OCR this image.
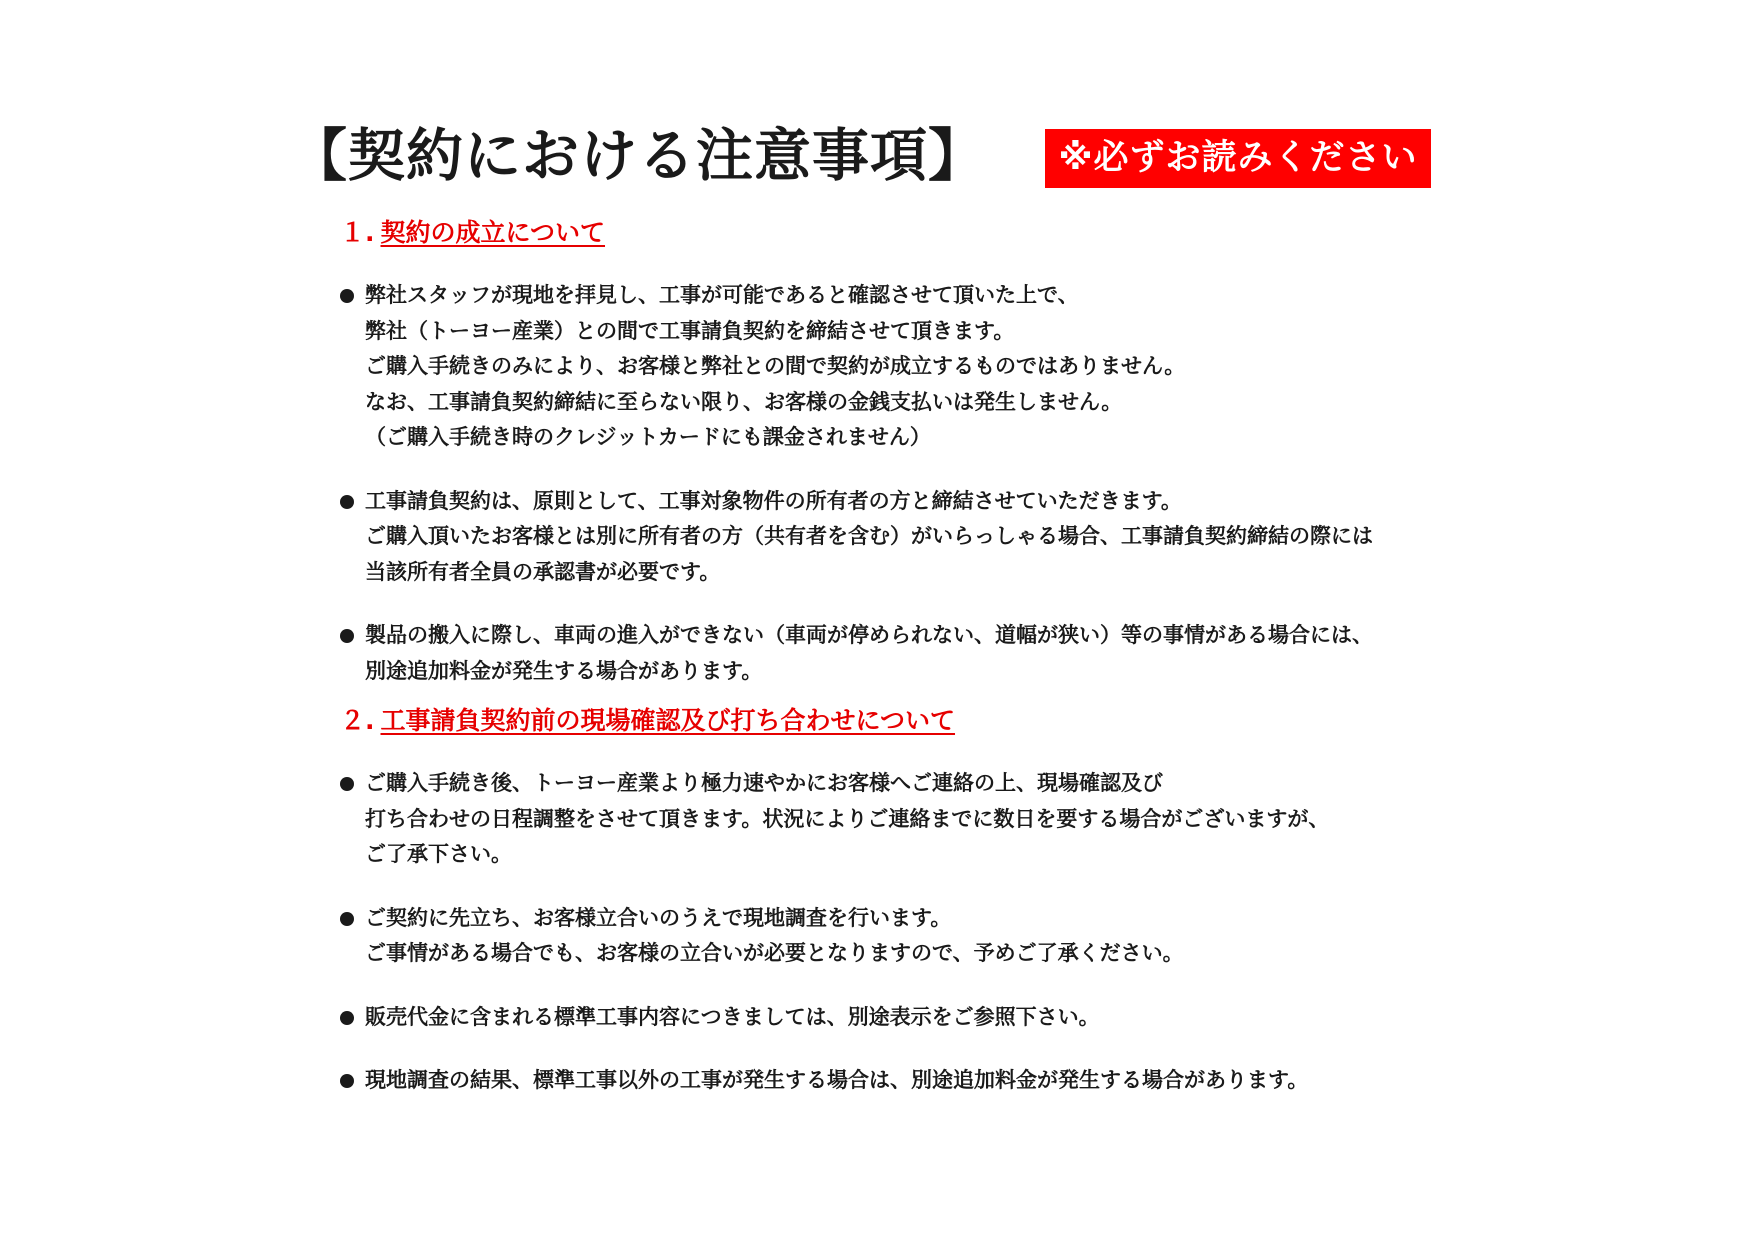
【契約における注意事項】	※必ずお読みください
１. 契約の成立について
弊社スタッフが現地を拝見し、工事が可能であると確認させて頂いた上で、
弊社（トーヨー産業）との間で工事請負契約を締結させて頂きます。
ご購入手続きのみにより、お客様と弊社との間で契約が成立するものではありません。
なお、工事請負契約締結に至らない限り、お客様の金銭支払いは発生しません。
（ご購入手続き時のクレジットカードにも課金されません）
工事請負契約は、原則として、工事対象物件の所有者の方と締結させていただきます。
ご購入頂いたお客様とは別に所有者の方（共有者を含む）がいらっしゃる場合、工事請負契約締結の際には
当該所有者全員の承認書が必要です。
製品の搬入に際し、車両の進入ができない（車両が停められない、道幅が狭い）等の事情がある場合には、
別途追加料金が発生する場合があります。
２. 工事請負契約前の現場確認及び打ち合わせについて
ご購入手続き後、トーヨー産業より極力速やかにお客様へご連絡の上、現場確認及び
打ち合わせの日程調整をさせて頂きます。状況によりご連絡までに数日を要する場合がございますが、
ご了承下さい。
ご契約に先立ち、お客様立合いのうえで現地調査を行います。
ご事情がある場合でも、お客様の立合いが必要となりますので、予めご了承ください。
販売代金に含まれる標準工事内容につきましては、別途表示をご参照下さい。
現地調査の結果、標準工事以外の工事が発生する場合は、別途追加料金が発生する場合があります。
